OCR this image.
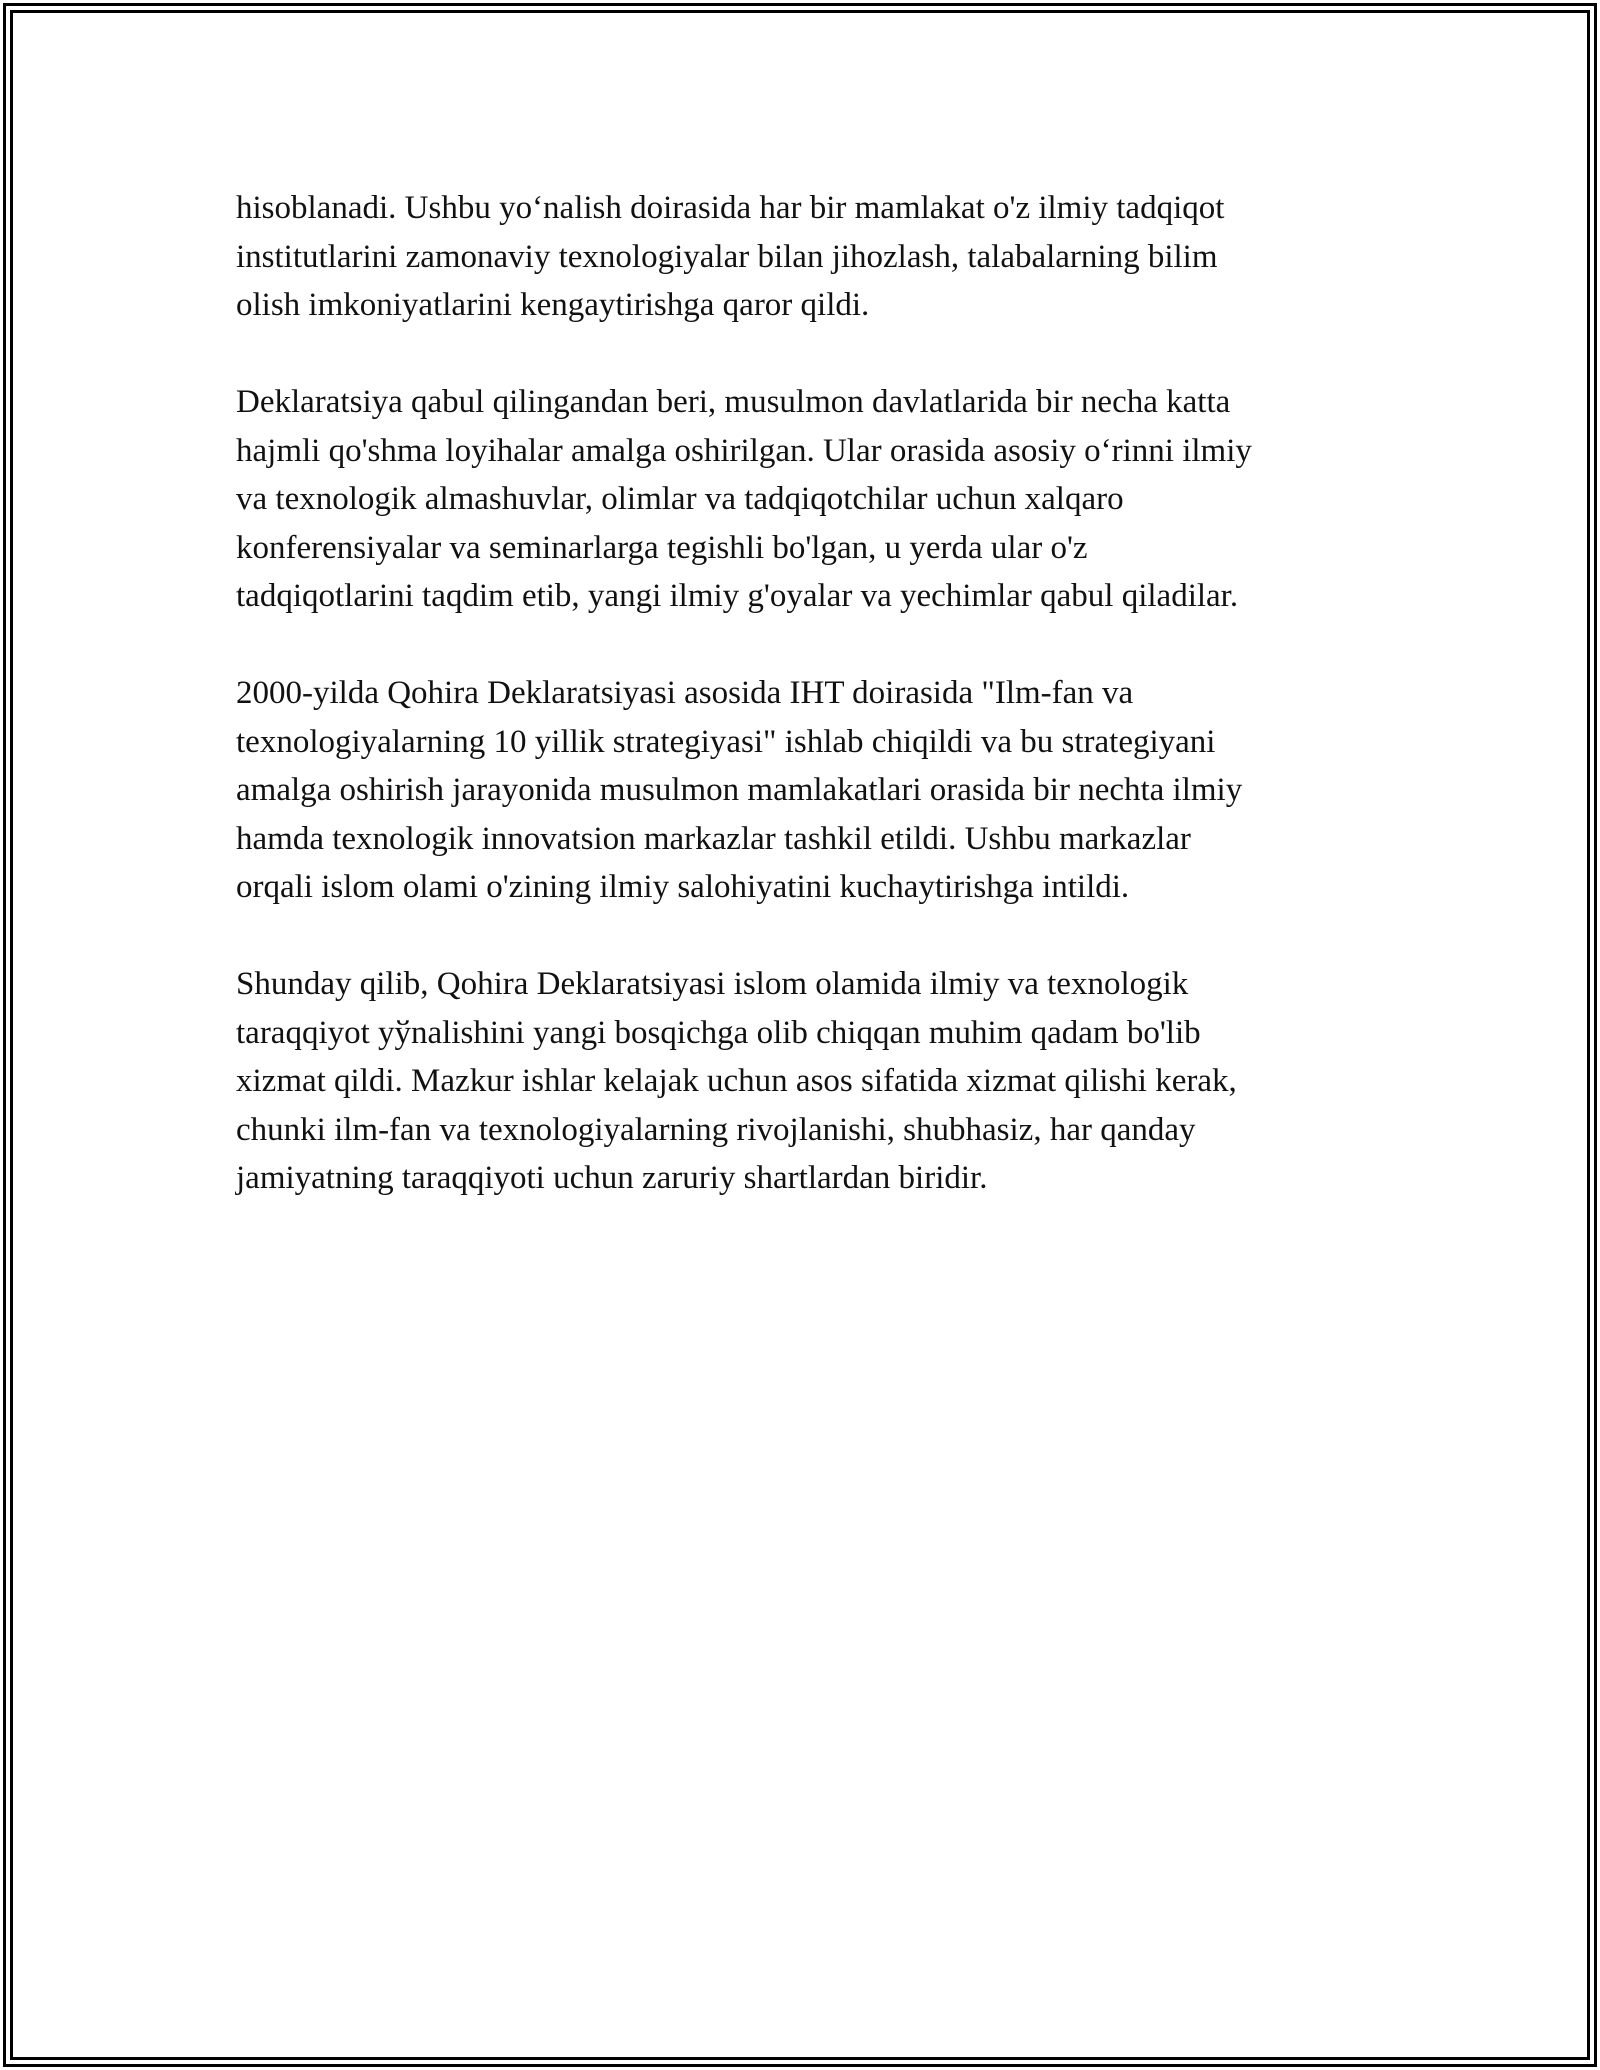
hisoblanadi. Ushbu yo‘nalish doirasida har bir mamlakat o'z ilmiy tadqiqot
institutlarini zamonaviy texnologiyalar bilan jihozlash, talabalarning bilim
olish imkoniyatlarini kengaytirishga qaror qildi.

Deklaratsiya qabul qilingandan beri, musulmon davlatlarida bir necha katta
hajmli qo'shma loyihalar amalga oshirilgan. Ular orasida asosiy o‘rinni ilmiy
va texnologik almashuvlar, olimlar va tadqiqotchilar uchun xalqaro
konferensiyalar va seminarlarga tegishli bo'lgan, u yerda ular o'z
tadqiqotlarini taqdim etib, yangi ilmiy g'oyalar va yechimlar qabul qiladilar.

2000-yilda Qohira Deklaratsiyasi asosida IHT doirasida "Ilm-fan va
texnologiyalarning 10 yillik strategiyasi" ishlab chiqildi va bu strategiyani
amalga oshirish jarayonida musulmon mamlakatlari orasida bir nechta ilmiy
hamda texnologik innovatsion markazlar tashkil etildi. Ushbu markazlar
orqali islom olami o'zining ilmiy salohiyatini kuchaytirishga intildi.

Shunday qilib, Qohira Deklaratsiyasi islom olamida ilmiy va texnologik
taraqqiyot yўnalishini yangi bosqichga olib chiqqan muhim qadam bo'lib
xizmat qildi. Mazkur ishlar kelajak uchun asos sifatida xizmat qilishi kerak,
chunki ilm-fan va texnologiyalarning rivojlanishi, shubhasiz, har qanday
jamiyatning taraqqiyoti uchun zaruriy shartlardan biridir.
